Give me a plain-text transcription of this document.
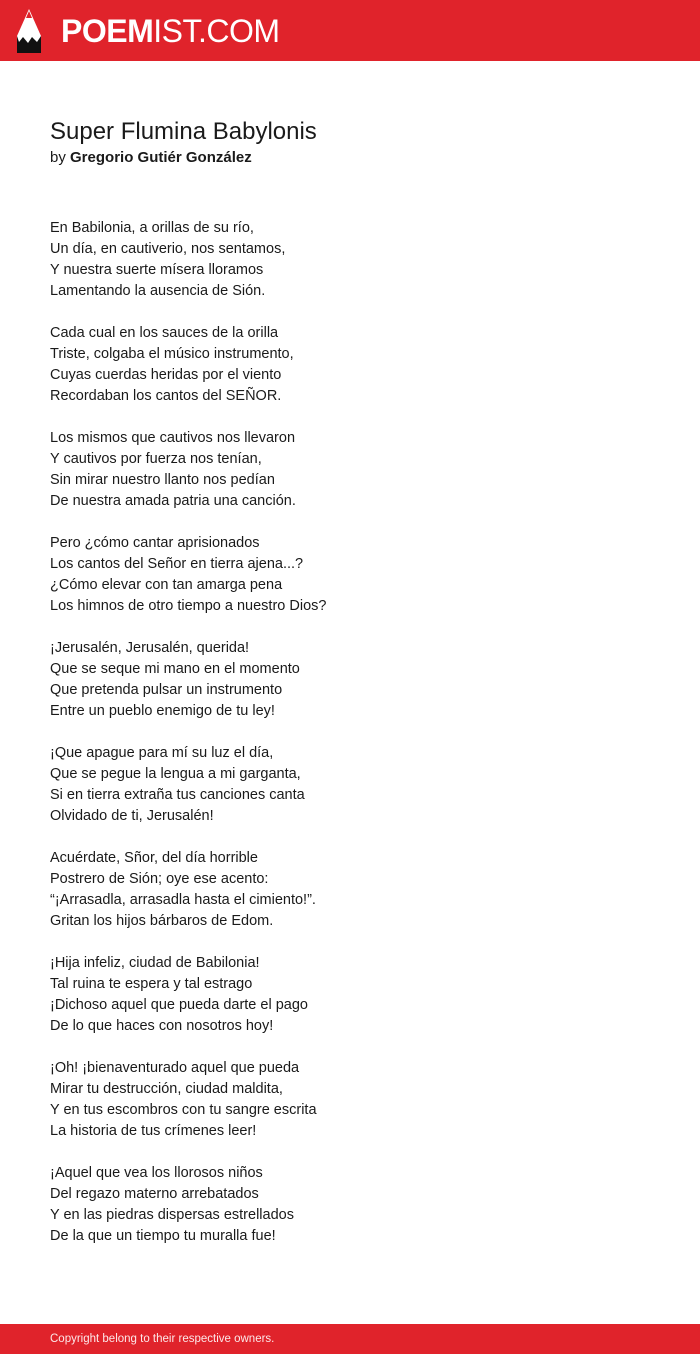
POEMIST.COM
Super Flumina Babylonis
by Gregorio Gutiér González
En Babilonia, a orillas de su río,
Un día, en cautiverio, nos sentamos,
Y nuestra suerte mísera lloramos
Lamentando la ausencia de Sión.
Cada cual en los sauces de la orilla
Triste, colgaba el músico instrumento,
Cuyas cuerdas heridas por el viento
Recordaban los cantos del SEÑOR.
Los mismos que cautivos nos llevaron
Y cautivos por fuerza nos tenían,
Sin mirar nuestro llanto nos pedían
De nuestra amada patria una canción.
Pero ¿cómo cantar aprisionados
Los cantos del Señor en tierra ajena...?
¿Cómo elevar con tan amarga pena
Los himnos de otro tiempo a nuestro Dios?
¡Jerusalén, Jerusalén, querida!
Que se seque mi mano en el momento
Que pretenda pulsar un instrumento
Entre un pueblo enemigo de tu ley!
¡Que apague para mí su luz el día,
Que se pegue la lengua a mi garganta,
Si en tierra extraña tus canciones canta
Olvidado de ti, Jerusalén!
Acuérdate, Sñor, del día horrible
Postrero de Sión; oye ese acento:
“¡Arrasadla, arrasadla hasta el cimiento!”.
Gritan los hijos bárbaros de Edom.
¡Hija infeliz, ciudad de Babilonia!
Tal ruina te espera y tal estrago
¡Dichoso aquel que pueda darte el pago
De lo que haces con nosotros hoy!
¡Oh! ¡bienaventurado aquel que pueda
Mirar tu destrucción, ciudad maldita,
Y en tus escombros con tu sangre escrita
La historia de tus crímenes leer!
¡Aquel que vea los llorosos niños
Del regazo materno arrebatados
Y en las piedras dispersas estrellados
De la que un tiempo tu muralla fue!
Copyright belong to their respective owners.
